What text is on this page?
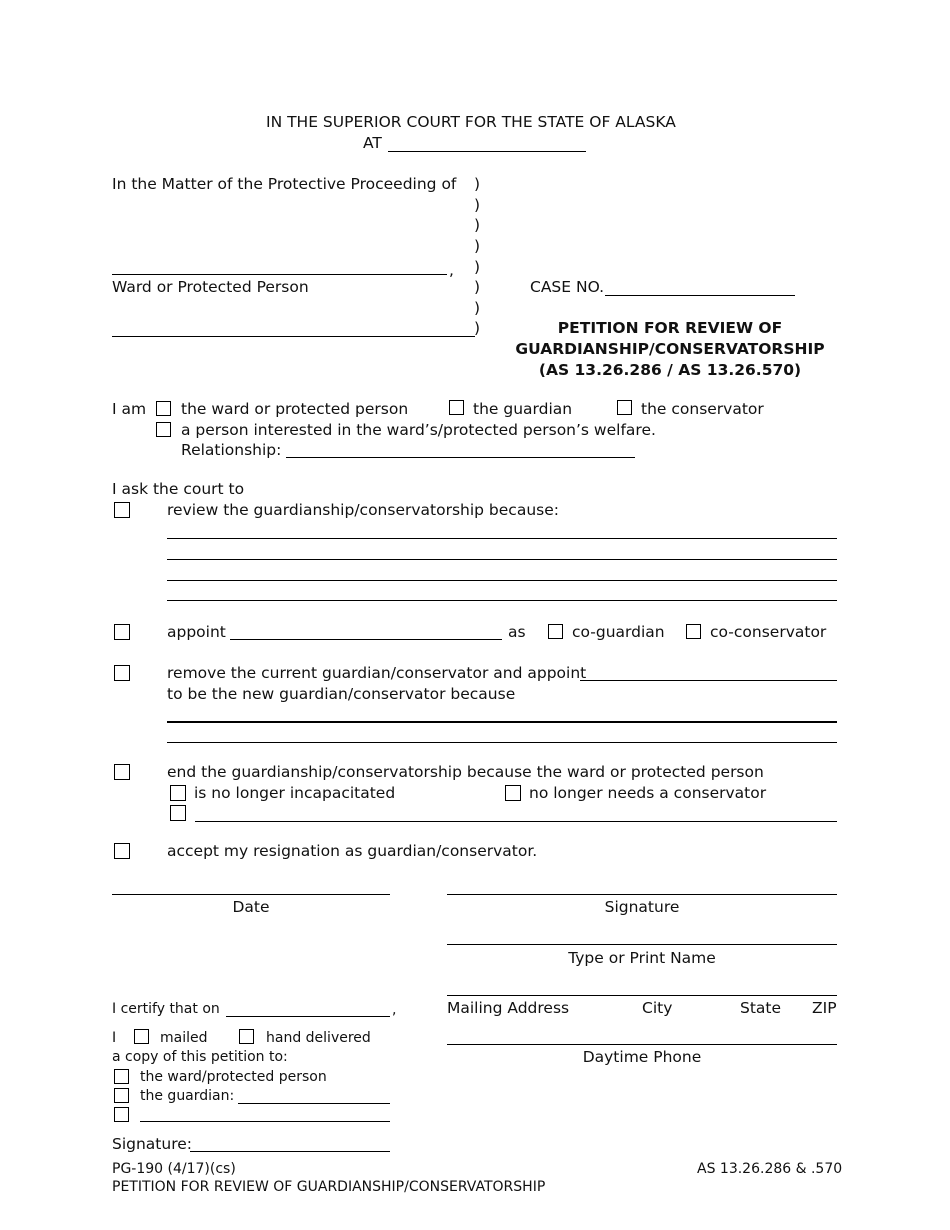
IN THE SUPERIOR COURT FOR THE STATE OF ALASKA
AT
In the Matter of the Protective Proceeding of )
)
)
)
)
)
)
)
,
Ward or Protected Person	CASE NO.
PETITION FOR REVIEW OF
GUARDIANSHIP/CONSERVATORSHIP
(AS 13.26.286 / AS 13.26.570)
I am the ward or protected person	the guardian	the conservator
a person interested in the ward’s/protected person’s welfare.
Relationship:
I ask the court to
review the guardianship/conservatorship because:
appoint	as	co-guardian	co-conservator
remove the current guardian/conservator and appoint
to be the new guardian/conservator because
end the guardianship/conservatorship because the ward or protected person
is no longer incapacitated	no longer needs a conservator
accept my resignation as guardian/conservator.
Date	Signature
Type or Print Name
Mailing Address	City	State ZIP
Daytime Phone
I certify that on	,
I	mailed	hand delivered
a copy of this petition to:
the ward/protected person
the guardian:
Signature:
PG-190 (4/17)(cs)
PETITION FOR REVIEW OF GUARDIANSHIP/CONSERVATORSHIP
AS 13.26.286 & .570
